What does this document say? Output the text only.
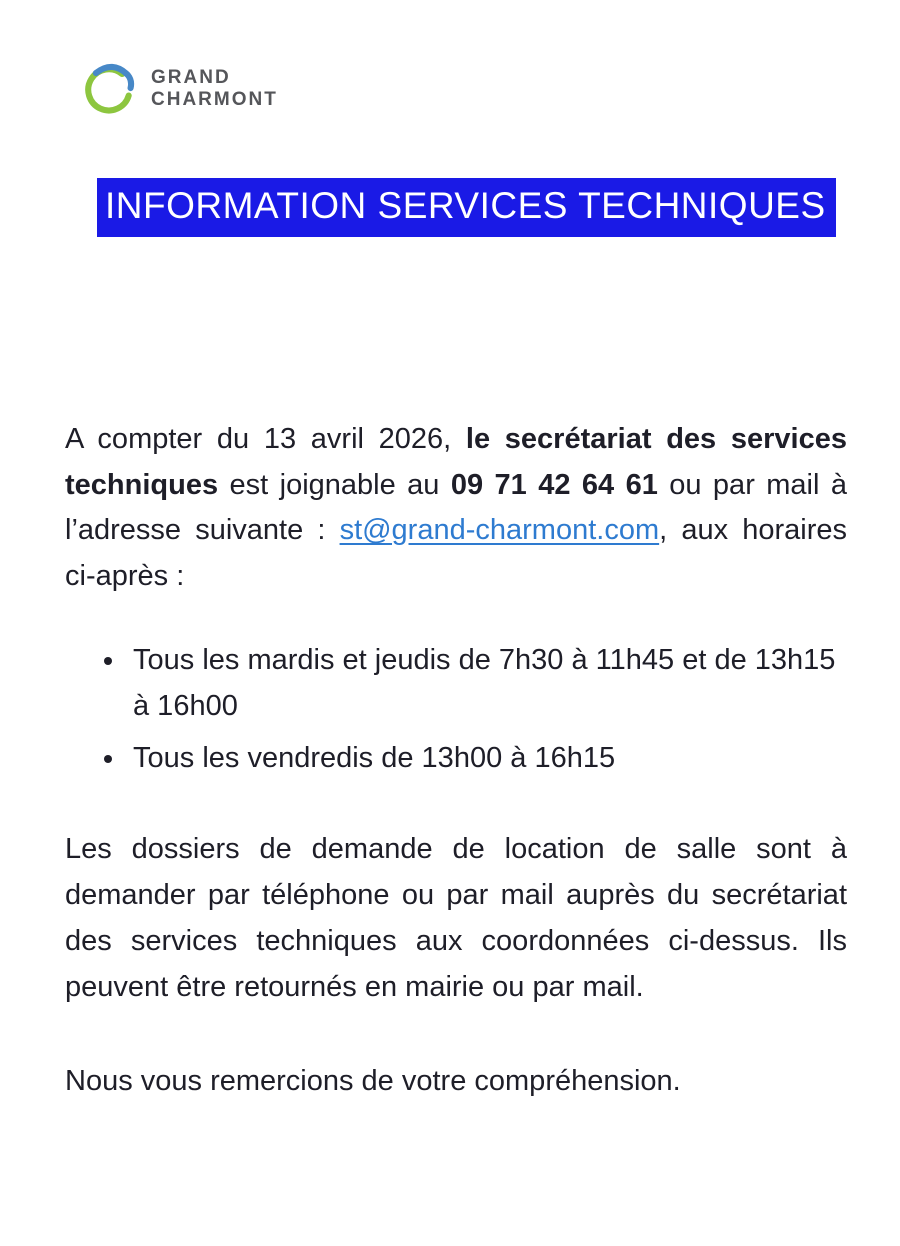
GRAND
CHARMONT
INFORMATION SERVICES TECHNIQUES

A compter du 13 avril 2026, le secrétariat des services techniques est joignable au 09 71 42 64 61 ou par mail à l’adresse suivante : st@grand-charmont.com, aux horaires ci-après :

• Tous les mardis et jeudis de 7h30 à 11h45 et de 13h15 à 16h00
• Tous les vendredis de 13h00 à 16h15

Les dossiers de demande de location de salle sont à demander par téléphone ou par mail auprès du secrétariat des services techniques aux coordonnées ci-dessus. Ils peuvent être retournés en mairie ou par mail.

Nous vous remercions de votre compréhension.
